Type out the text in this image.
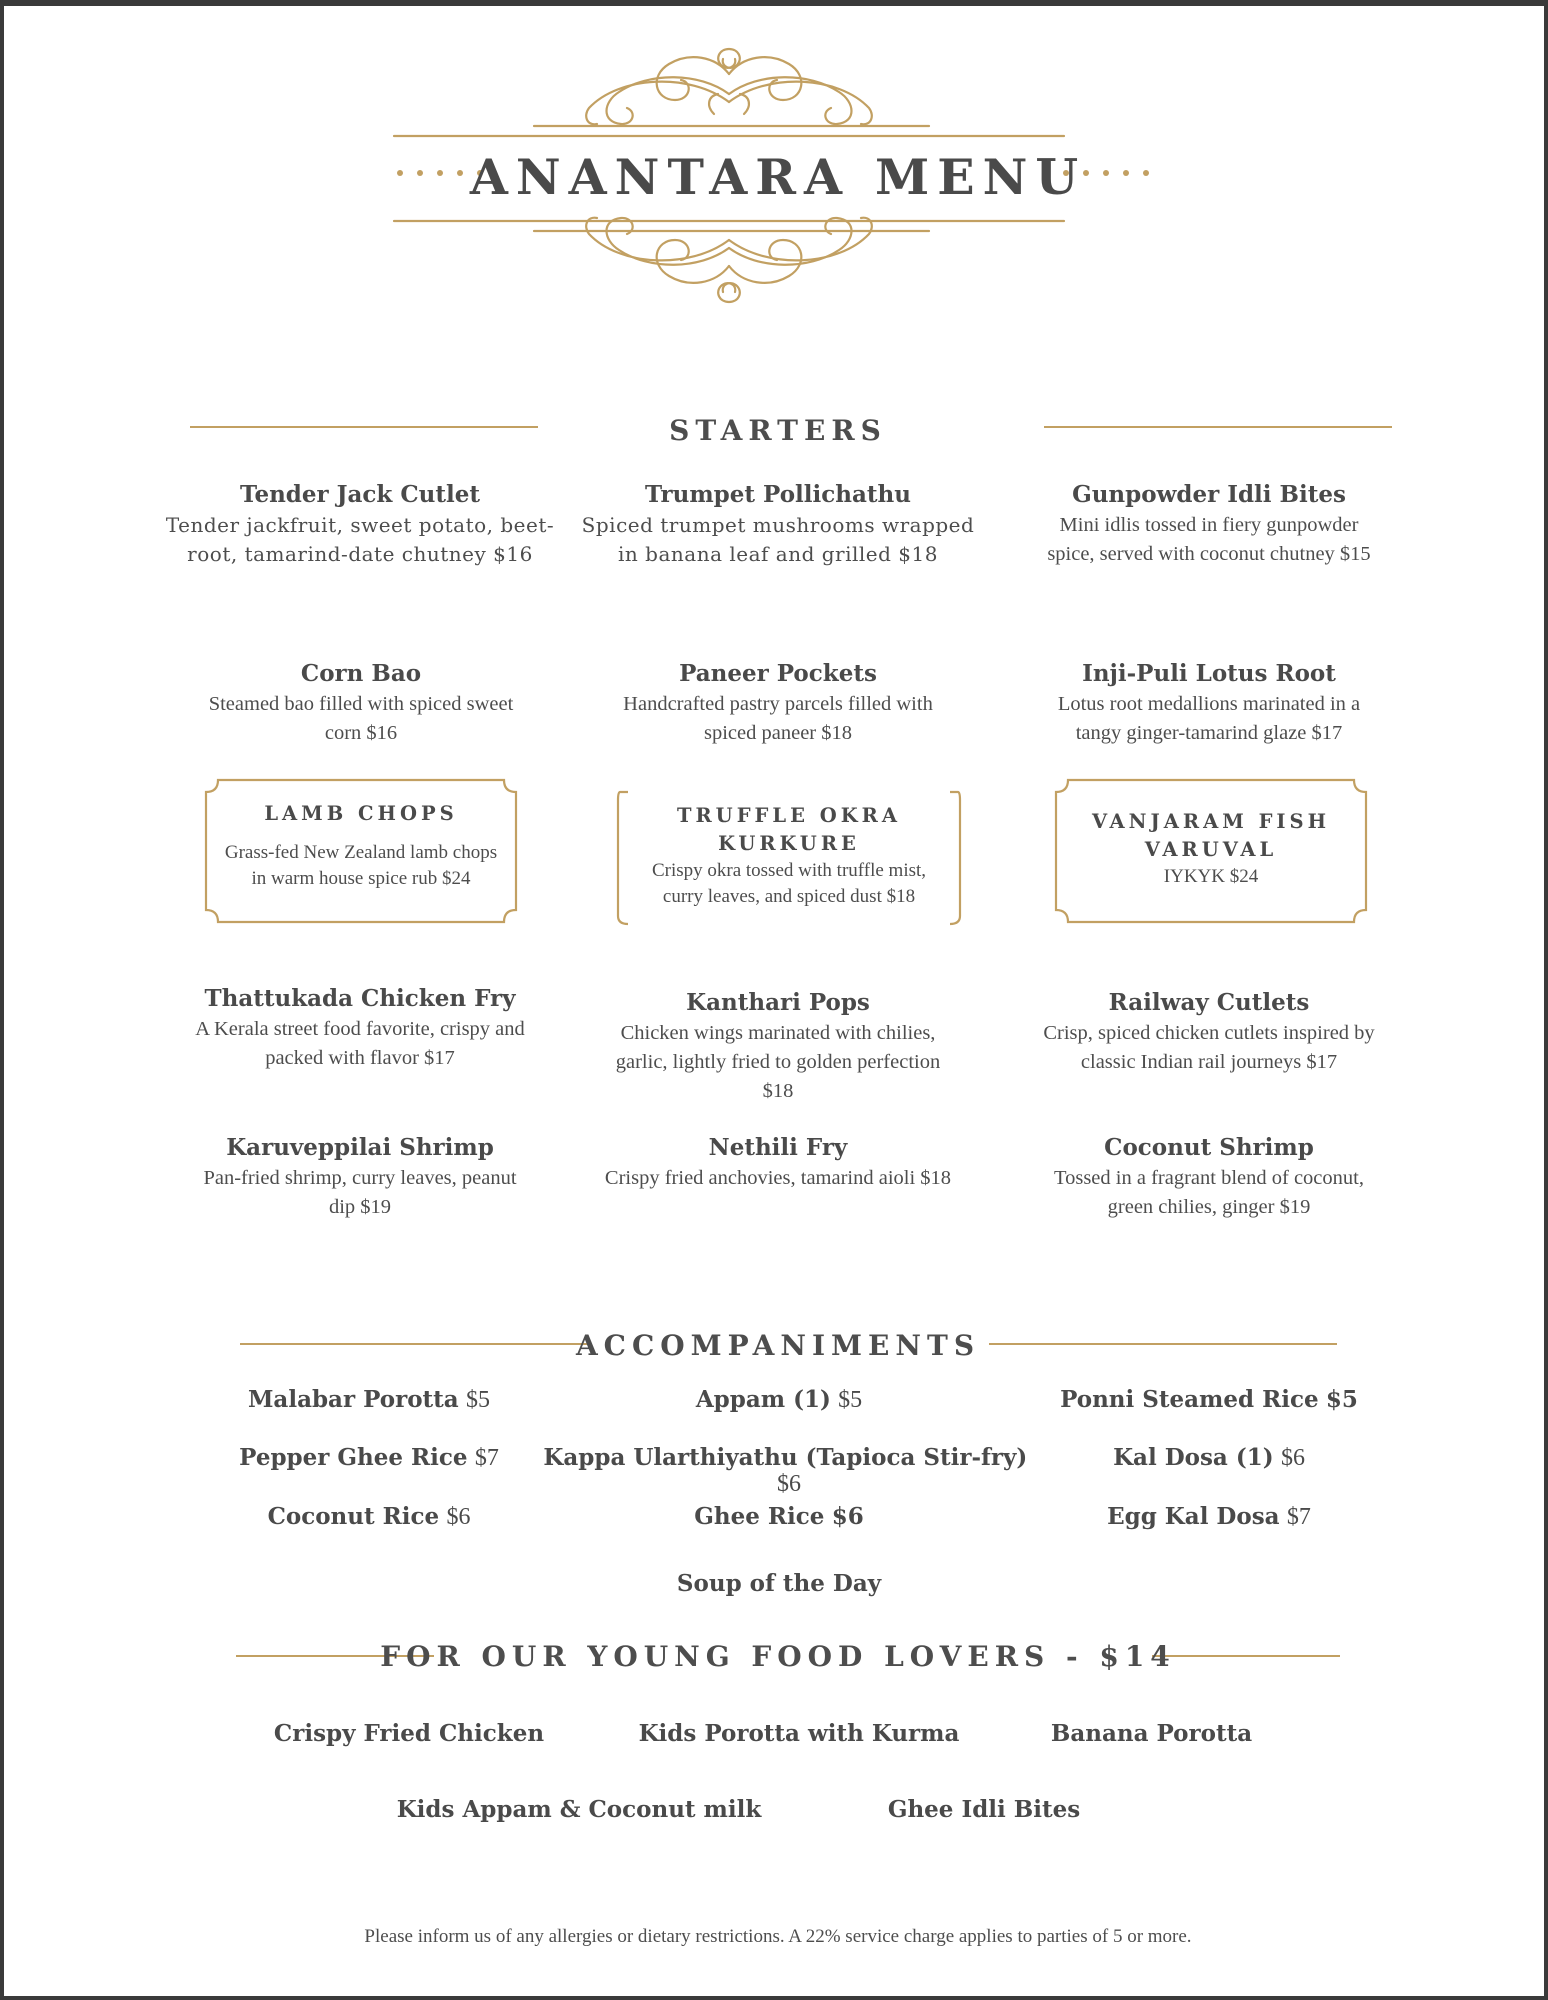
ANANTARA MENU
STARTERS
Tender Jack Cutlet
Tender jackfruit, sweet potato, beet-
root, tamarind-date chutney $16
Trumpet Pollichathu
Spiced trumpet mushrooms wrapped
in banana leaf and grilled $18
Gunpowder Idli Bites
Mini idlis tossed in fiery gunpowder
spice, served with coconut chutney $15
Corn Bao
Steamed bao filled with spiced sweet
corn $16
Paneer Pockets
Handcrafted pastry parcels filled with
spiced paneer $18
Inji-Puli Lotus Root
Lotus root medallions marinated in a
tangy ginger-tamarind glaze $17
LAMB CHOPS
Grass-fed New Zealand lamb chops
in warm house spice rub $24
TRUFFLE OKRA
KURKURE
Crispy okra tossed with truffle mist,
curry leaves, and spiced dust $18
VANJARAM FISH
VARUVAL
IYKYK $24
Thattukada Chicken Fry
A Kerala street food favorite, crispy and
packed with flavor $17
Kanthari Pops
Chicken wings marinated with chilies,
garlic, lightly fried to golden perfection
$18
Railway Cutlets
Crisp, spiced chicken cutlets inspired by
classic Indian rail journeys $17
Karuveppilai Shrimp
Pan-fried shrimp, curry leaves, peanut
dip $19
Nethili Fry
Crispy fried anchovies, tamarind aioli $18
Coconut Shrimp
Tossed in a fragrant blend of coconut,
green chilies, ginger $19
ACCOMPANIMENTS
Malabar Porotta $5	Appam (1) $5	Ponni Steamed Rice $5
Pepper Ghee Rice $7	Kappa Ularthiyathu (Tapioca Stir-fry)  $6
Kal Dosa (1) $6
Coconut Rice $6	Ghee Rice $6	Egg Kal Dosa $7
Soup of the Day
FOR OUR YOUNG FOOD LOVERS - $14
Crispy Fried Chicken	Kids Porotta with Kurma	Banana Porotta
Kids Appam & Coconut milk	Ghee Idli Bites
Please inform us of any allergies or dietary restrictions. A 22% service charge applies to parties of 5 or more.
